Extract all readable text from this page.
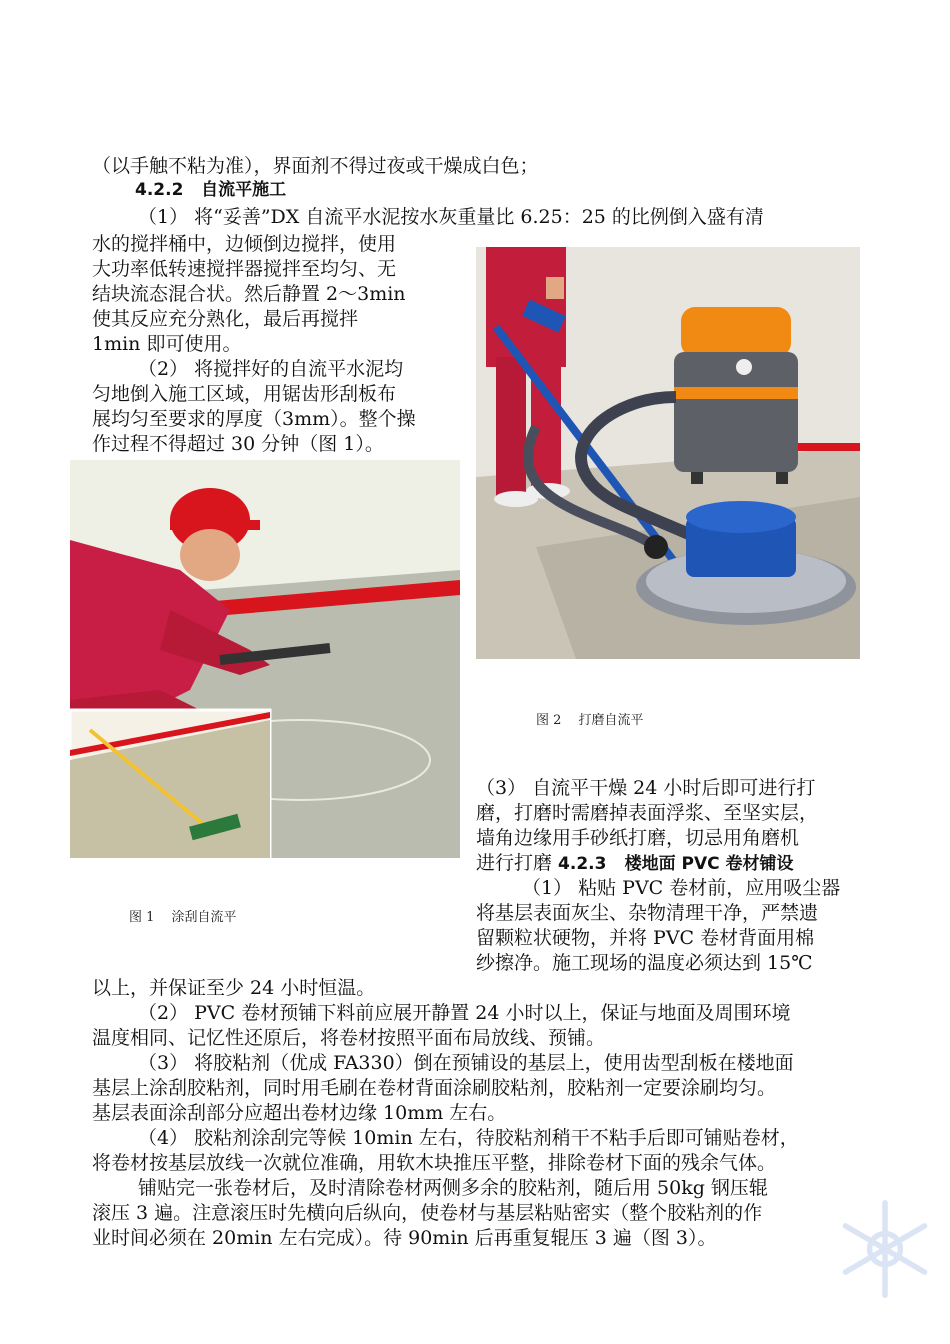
（以手触不粘为准），界面剂不得过夜或干燥成白色；
4.2.2 自流平施工
（1） 将“妥善”DX 自流平水泥按水灰重量比 6.25：25 的比例倒入盛有清
水的搅拌桶中，边倾倒边搅拌，使用
大功率低转速搅拌器搅拌至均匀、无
结块流态混合状。然后静置 2～3min
使其反应充分熟化，最后再搅拌
1min 即可使用。
（2） 将搅拌好的自流平水泥均
匀地倒入施工区域，用锯齿形刮板布
展均匀至要求的厚度（3mm）。整个操
作过程不得超过 30 分钟（图 1）。
图 2　 打磨自流平
图 1　 涂刮自流平
（3） 自流平干燥 24 小时后即可进行打
磨，打磨时需磨掉表面浮浆、至坚实层，
墙角边缘用手砂纸打磨，切忌用角磨机
进行打磨 4.2.3 楼地面 PVC 卷材铺设
（1） 粘贴 PVC 卷材前，应用吸尘器
将基层表面灰尘、杂物清理干净，严禁遗
留颗粒状硬物，并将 PVC 卷材背面用棉
纱擦净。施工现场的温度必须达到 15℃
以上，并保证至少 24 小时恒温。
（2） PVC 卷材预铺下料前应展开静置 24 小时以上，保证与地面及周围环境
温度相同、记忆性还原后，将卷材按照平面布局放线、预铺。
（3） 将胶粘剂（优成 FA330）倒在预铺设的基层上，使用齿型刮板在楼地面
基层上涂刮胶粘剂，同时用毛刷在卷材背面涂刷胶粘剂，胶粘剂一定要涂刷均匀。
基层表面涂刮部分应超出卷材边缘 10mm 左右。
（4） 胶粘剂涂刮完等候 10min 左右，待胶粘剂稍干不粘手后即可铺贴卷材，
将卷材按基层放线一次就位准确，用软木块推压平整，排除卷材下面的残余气体。
铺贴完一张卷材后，及时清除卷材两侧多余的胶粘剂，随后用 50kg 钢压辊
滚压 3 遍。注意滚压时先横向后纵向，使卷材与基层粘贴密实（整个胶粘剂的作
业时间必须在 20min 左右完成）。待 90min 后再重复辊压 3 遍（图 3）。
